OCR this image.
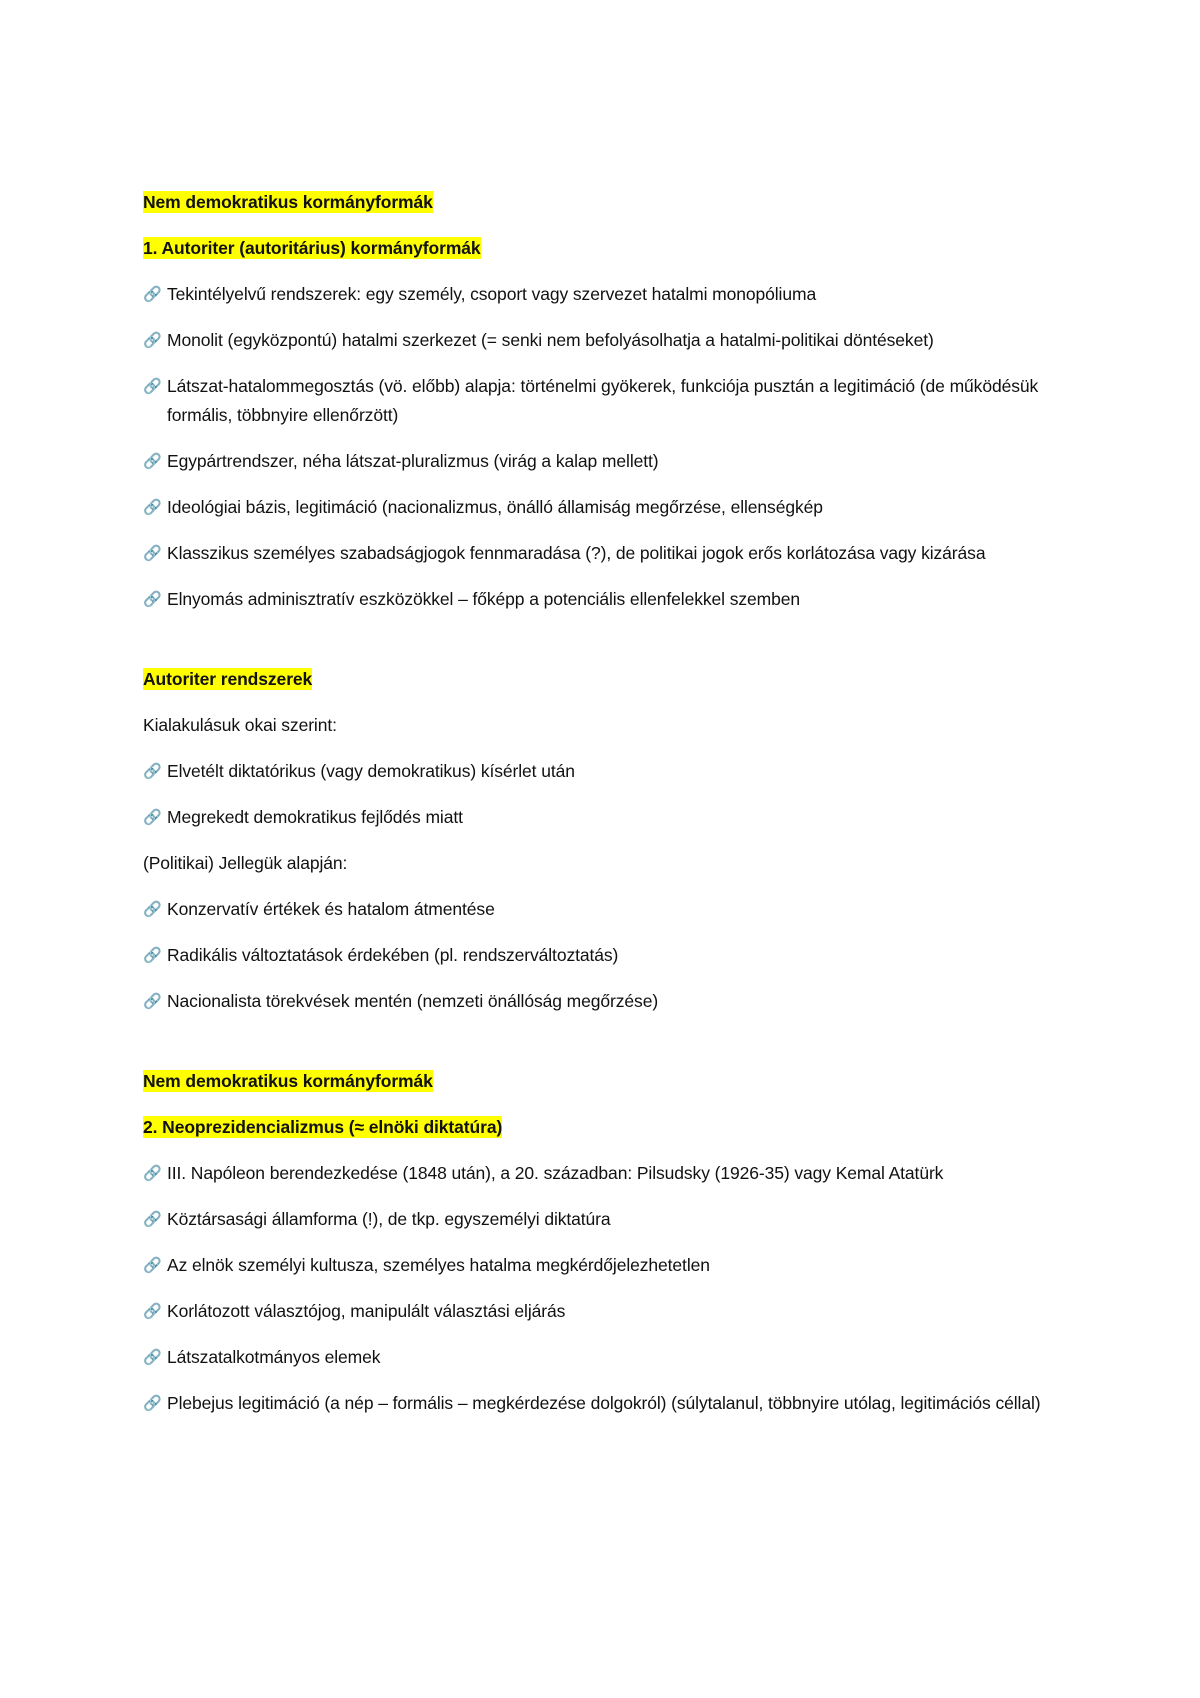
Nem demokratikus kormányformák
1. Autoriter (autoritárius) kormányformák
🔗 Tekintélyelvű rendszerek: egy személy, csoport vagy szervezet hatalmi monopóliuma
🔗 Monolit (egyközpontú) hatalmi szerkezet (= senki nem befolyásolhatja a hatalmi-politikai döntéseket)
🔗 Látszat-hatalommegosztás (vö. előbb) alapja: történelmi gyökerek, funkciója pusztán a legitimáció (de működésük formális, többnyire ellenőrzött)
🔗 Egypártrendszer, néha látszat-pluralizmus (virág a kalap mellett)
🔗 Ideológiai bázis, legitimáció (nacionalizmus, önálló államiság megőrzése, ellenségkép
🔗 Klasszikus személyes szabadságjogok fennmaradása (?), de politikai jogok erős korlátozása vagy kizárása
🔗 Elnyomás adminisztratív eszközökkel – főképp a potenciális ellenfelekkel szemben
Autoriter rendszerek
Kialakulásuk okai szerint:
🔗 Elvetélt diktatórikus (vagy demokratikus) kísérlet után
🔗 Megrekedt demokratikus fejlődés miatt
(Politikai) Jellegük alapján:
🔗 Konzervatív értékek és hatalom átmentése
🔗 Radikális változtatások érdekében (pl. rendszerváltoztatás)
🔗 Nacionalista törekvések mentén (nemzeti önállóság megőrzése)
Nem demokratikus kormányformák
2. Neoprezidencializmus (≈ elnöki diktatúra)
🔗 III. Napóleon berendezkedése (1848 után), a 20. században: Pilsudsky (1926-35) vagy Kemal Atatürk
🔗 Köztársasági államforma (!), de tkp. egyszemélyi diktatúra
🔗 Az elnök személyi kultusza, személyes hatalma megkérdőjelezhetetlen
🔗 Korlátozott választójog, manipulált választási eljárás
🔗 Látszatalkotmányos elemek
🔗 Plebejus legitimáció (a nép – formális – megkérdezése dolgokról) (súlytalanul, többnyire utólag, legitimációs céllal)
